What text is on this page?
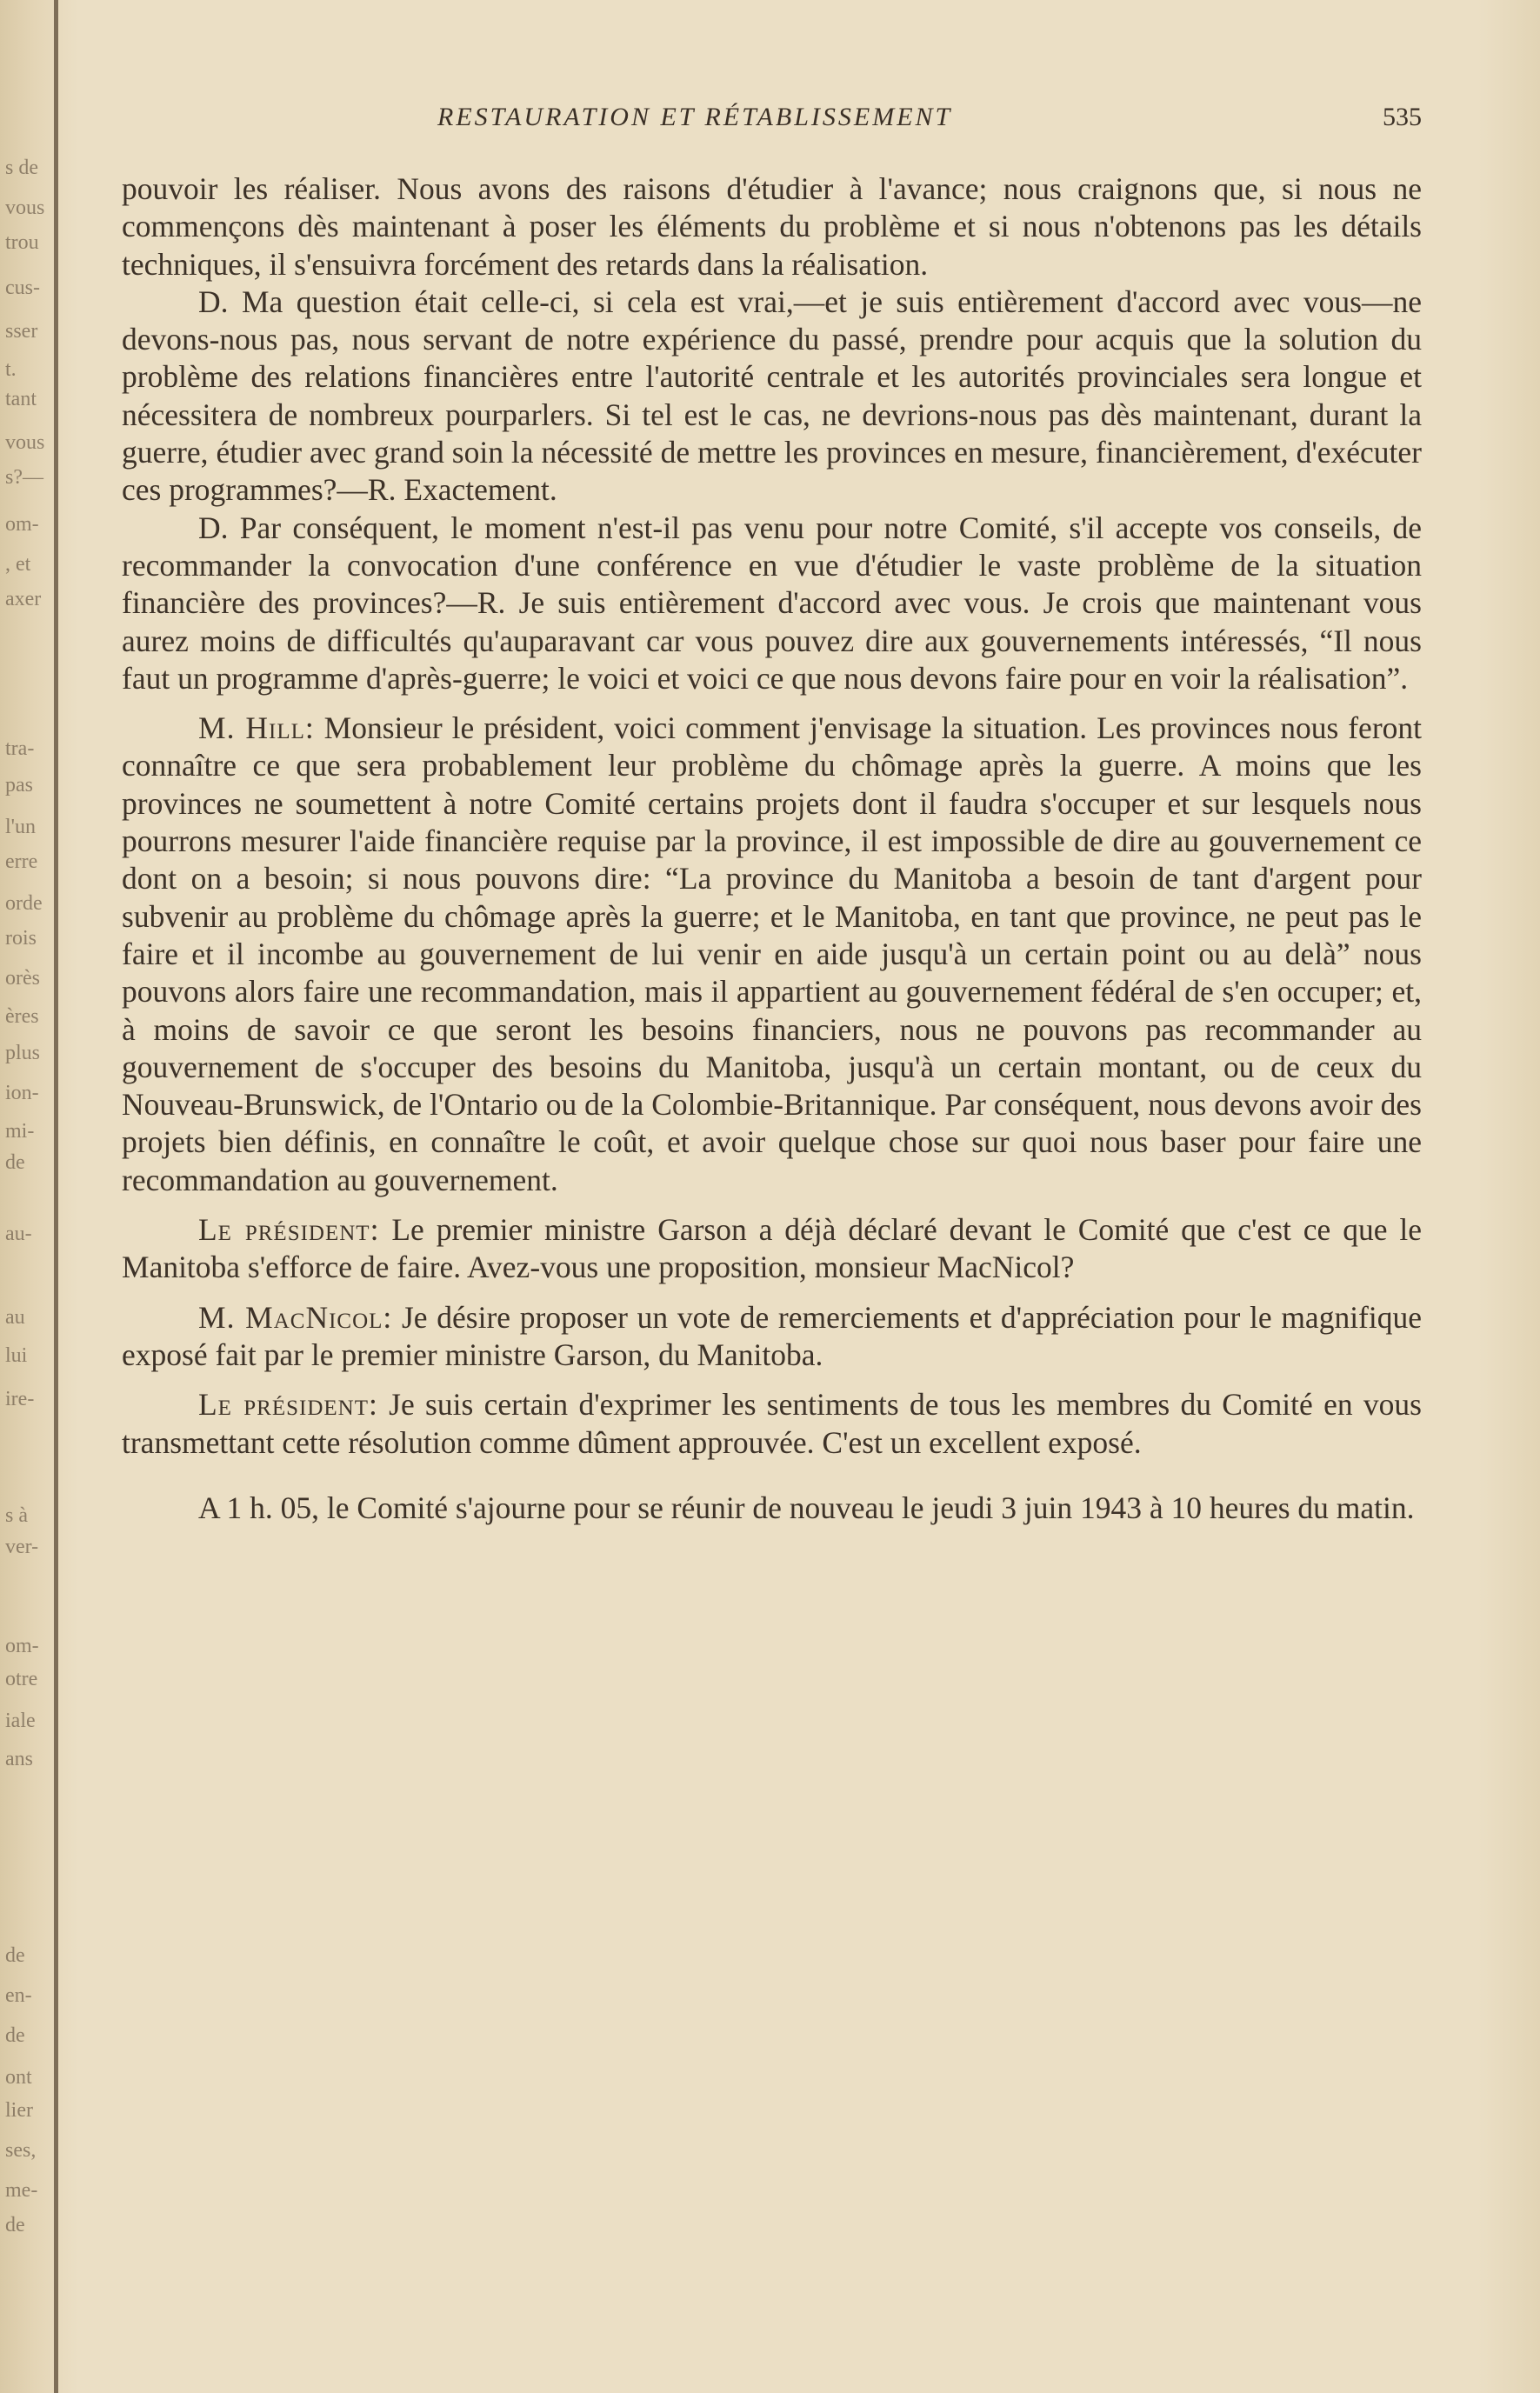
s de
vous
trou
cus-
sser
t.
tant
vous
s?—
om-
, et
axer
tra-
pas
l'un
erre
orde
rois
orès
ères
plus
ion-
mi-
de
au-
au
lui
ire-
s à
ver-
om-
otre
iale
ans
de
en-
de
ont
lier
ses,
me-
de
RESTAURATION ET RÉTABLISSEMENT	535

pouvoir les réaliser. Nous avons des raisons d'étudier à l'avance; nous craignons que, si nous ne commençons dès maintenant à poser les éléments du problème et si nous n'obtenons pas les détails techniques, il s'ensuivra forcément des retards dans la réalisation.

D. Ma question était celle-ci, si cela est vrai,—et je suis entièrement d'accord avec vous—ne devons-nous pas, nous servant de notre expérience du passé, prendre pour acquis que la solution du problème des relations financières entre l'autorité centrale et les autorités provinciales sera longue et nécessitera de nombreux pourparlers. Si tel est le cas, ne devrions-nous pas dès maintenant, durant la guerre, étudier avec grand soin la nécessité de mettre les provinces en mesure, financièrement, d'exécuter ces programmes?—R. Exactement.

D. Par conséquent, le moment n'est-il pas venu pour notre Comité, s'il accepte vos conseils, de recommander la convocation d'une conférence en vue d'étudier le vaste problème de la situation financière des provinces?—R. Je suis entièrement d'accord avec vous. Je crois que maintenant vous aurez moins de difficultés qu'auparavant car vous pouvez dire aux gouvernements intéressés, “Il nous faut un programme d'après-guerre; le voici et voici ce que nous devons faire pour en voir la réalisation”.

M. Hill: Monsieur le président, voici comment j'envisage la situation. Les provinces nous feront connaître ce que sera probablement leur problème du chômage après la guerre. A moins que les provinces ne soumettent à notre Comité certains projets dont il faudra s'occuper et sur lesquels nous pourrons mesurer l'aide financière requise par la province, il est impossible de dire au gouvernement ce dont on a besoin; si nous pouvons dire: “La province du Manitoba a besoin de tant d'argent pour subvenir au problème du chômage après la guerre; et le Manitoba, en tant que province, ne peut pas le faire et il incombe au gouvernement de lui venir en aide jusqu'à un certain point ou au delà” nous pouvons alors faire une recommandation, mais il appartient au gouvernement fédéral de s'en occuper; et, à moins de savoir ce que seront les besoins financiers, nous ne pouvons pas recommander au gouvernement de s'occuper des besoins du Manitoba, jusqu'à un certain montant, ou de ceux du Nouveau-Brunswick, de l'Ontario ou de la Colombie-Britannique. Par conséquent, nous devons avoir des projets bien définis, en connaître le coût, et avoir quelque chose sur quoi nous baser pour faire une recommandation au gouvernement.

Le président: Le premier ministre Garson a déjà déclaré devant le Comité que c'est ce que le Manitoba s'efforce de faire. Avez-vous une proposition, monsieur MacNicol?

M. MacNicol: Je désire proposer un vote de remerciements et d'appréciation pour le magnifique exposé fait par le premier ministre Garson, du Manitoba.

Le président: Je suis certain d'exprimer les sentiments de tous les membres du Comité en vous transmettant cette résolution comme dûment approuvée. C'est un excellent exposé.

A 1 h. 05, le Comité s'ajourne pour se réunir de nouveau le jeudi 3 juin 1943 à 10 heures du matin.
